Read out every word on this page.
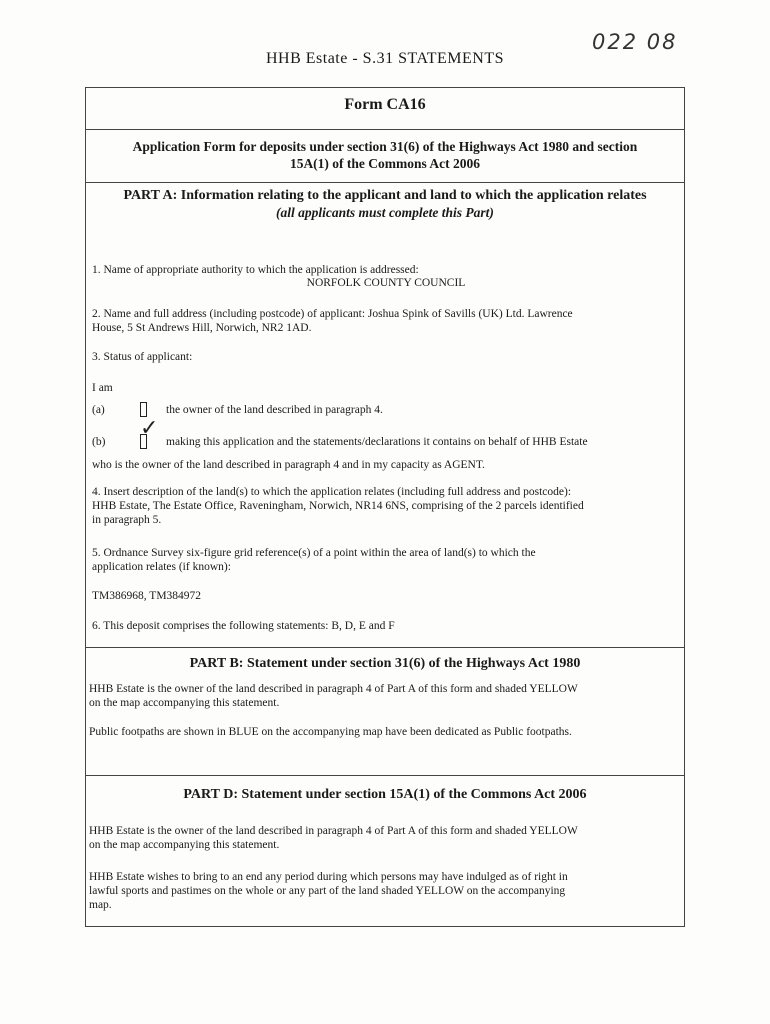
022 08
HHB Estate - S.31 STATEMENTS
Form CA16
Application Form for deposits under section 31(6) of the Highways Act 1980 and section
15A(1) of the Commons Act 2006
PART A: Information relating to the applicant and land to which the application relates
(all applicants must complete this Part)
1. Name of appropriate authority to which the application is addressed:
NORFOLK COUNTY COUNCIL
2. Name and full address (including postcode) of applicant: Joshua Spink of Savills (UK) Ltd. Lawrence
House, 5 St Andrews Hill, Norwich, NR2 1AD.
3. Status of applicant:
I am
(a)	the owner of the land described in paragraph 4.
(b)
✓
making this application and the statements/declarations it contains on behalf of HHB Estate
who is the owner of the land described in paragraph 4 and in my capacity as AGENT.
4. Insert description of the land(s) to which the application relates (including full address and postcode):
HHB Estate, The Estate Office, Raveningham, Norwich, NR14 6NS, comprising of the 2 parcels identified
in paragraph 5.
5. Ordnance Survey six-figure grid reference(s) of a point within the area of land(s) to which the
application relates (if known):
TM386968, TM384972
6. This deposit comprises the following statements: B, D, E and F
PART B: Statement under section 31(6) of the Highways Act 1980
HHB Estate is the owner of the land described in paragraph 4 of Part A of this form and shaded YELLOW
on the map accompanying this statement.
Public footpaths are shown in BLUE on the accompanying map have been dedicated as Public footpaths.
PART D: Statement under section 15A(1) of the Commons Act 2006
HHB Estate is the owner of the land described in paragraph 4 of Part A of this form and shaded YELLOW
on the map accompanying this statement.
HHB Estate wishes to bring to an end any period during which persons may have indulged as of right in
lawful sports and pastimes on the whole or any part of the land shaded YELLOW on the accompanying
map.
